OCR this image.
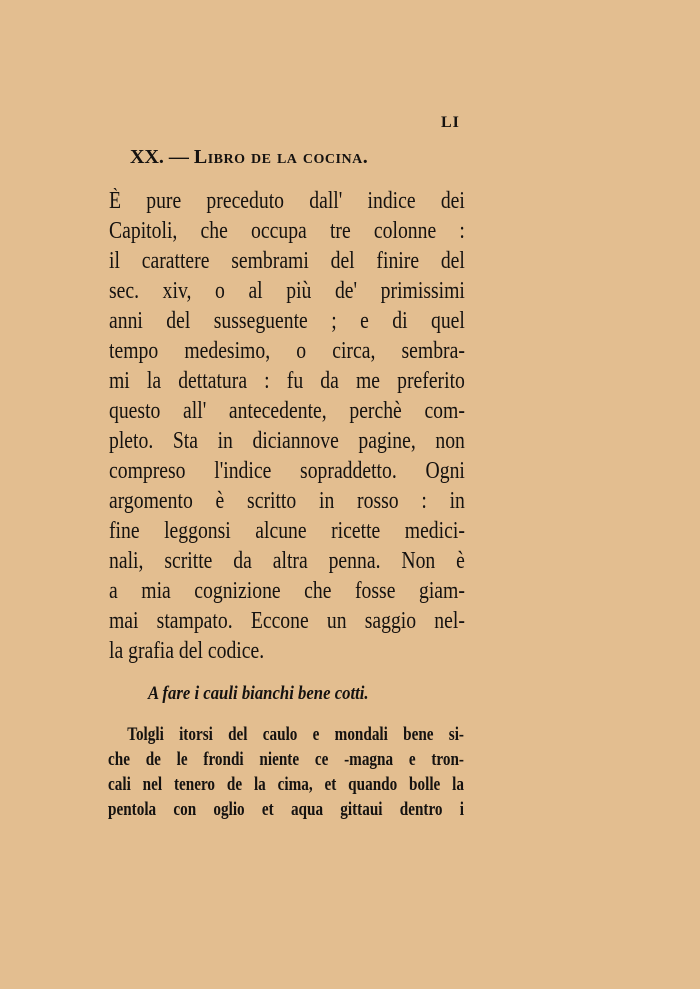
LI
XX. — Libro de la cocina.
È pure preceduto dall' indice dei
Capitoli, che occupa tre colonne :
il carattere sembrami del finire del
sec. xiv, o al più de' primissimi
anni del susseguente ; e di quel
tempo medesimo, o circa, sembra-
mi la dettatura : fu da me preferito
questo all' antecedente, perchè com-
pleto. Sta in diciannove pagine, non
compreso l'indice sopraddetto. Ogni
argomento è scritto in rosso : in
fine leggonsi alcune ricette medici-
nali, scritte da altra penna. Non è
a mia cognizione che fosse giam-
mai stampato. Eccone un saggio nel-
la grafia del codice.
A fare i cauli bianchi bene cotti.
Tolgli itorsi del caulo e mondali bene si-
che de le frondi niente ce -magna e tron-
cali nel tenero de la cima, et quando bolle la
pentola con oglio et aqua gittaui dentro i
